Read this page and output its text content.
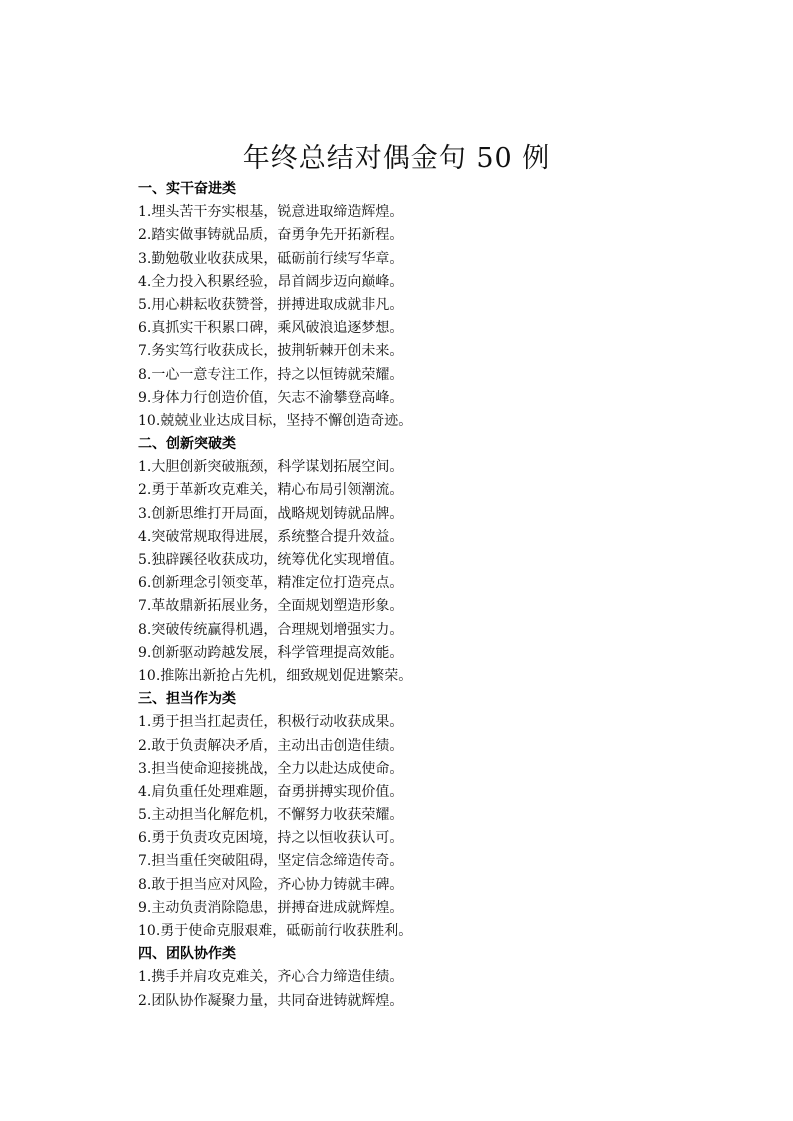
年终总结对偶金句 50 例
一、实干奋进类
1.埋头苦干夯实根基，锐意进取缔造辉煌。
2.踏实做事铸就品质，奋勇争先开拓新程。
3.勤勉敬业收获成果，砥砺前行续写华章。
4.全力投入积累经验，昂首阔步迈向巅峰。
5.用心耕耘收获赞誉，拼搏进取成就非凡。
6.真抓实干积累口碑，乘风破浪追逐梦想。
7.务实笃行收获成长，披荆斩棘开创未来。
8.一心一意专注工作，持之以恒铸就荣耀。
9.身体力行创造价值，矢志不渝攀登高峰。
10.兢兢业业达成目标，坚持不懈创造奇迹。
二、创新突破类
1.大胆创新突破瓶颈，科学谋划拓展空间。
2.勇于革新攻克难关，精心布局引领潮流。
3.创新思维打开局面，战略规划铸就品牌。
4.突破常规取得进展，系统整合提升效益。
5.独辟蹊径收获成功，统筹优化实现增值。
6.创新理念引领变革，精准定位打造亮点。
7.革故鼎新拓展业务，全面规划塑造形象。
8.突破传统赢得机遇，合理规划增强实力。
9.创新驱动跨越发展，科学管理提高效能。
10.推陈出新抢占先机，细致规划促进繁荣。
三、担当作为类
1.勇于担当扛起责任，积极行动收获成果。
2.敢于负责解决矛盾，主动出击创造佳绩。
3.担当使命迎接挑战，全力以赴达成使命。
4.肩负重任处理难题，奋勇拼搏实现价值。
5.主动担当化解危机，不懈努力收获荣耀。
6.勇于负责攻克困境，持之以恒收获认可。
7.担当重任突破阻碍，坚定信念缔造传奇。
8.敢于担当应对风险，齐心协力铸就丰碑。
9.主动负责消除隐患，拼搏奋进成就辉煌。
10.勇于使命克服艰难，砥砺前行收获胜利。
四、团队协作类
1.携手并肩攻克难关，齐心合力缔造佳绩。
2.团队协作凝聚力量，共同奋进铸就辉煌。
